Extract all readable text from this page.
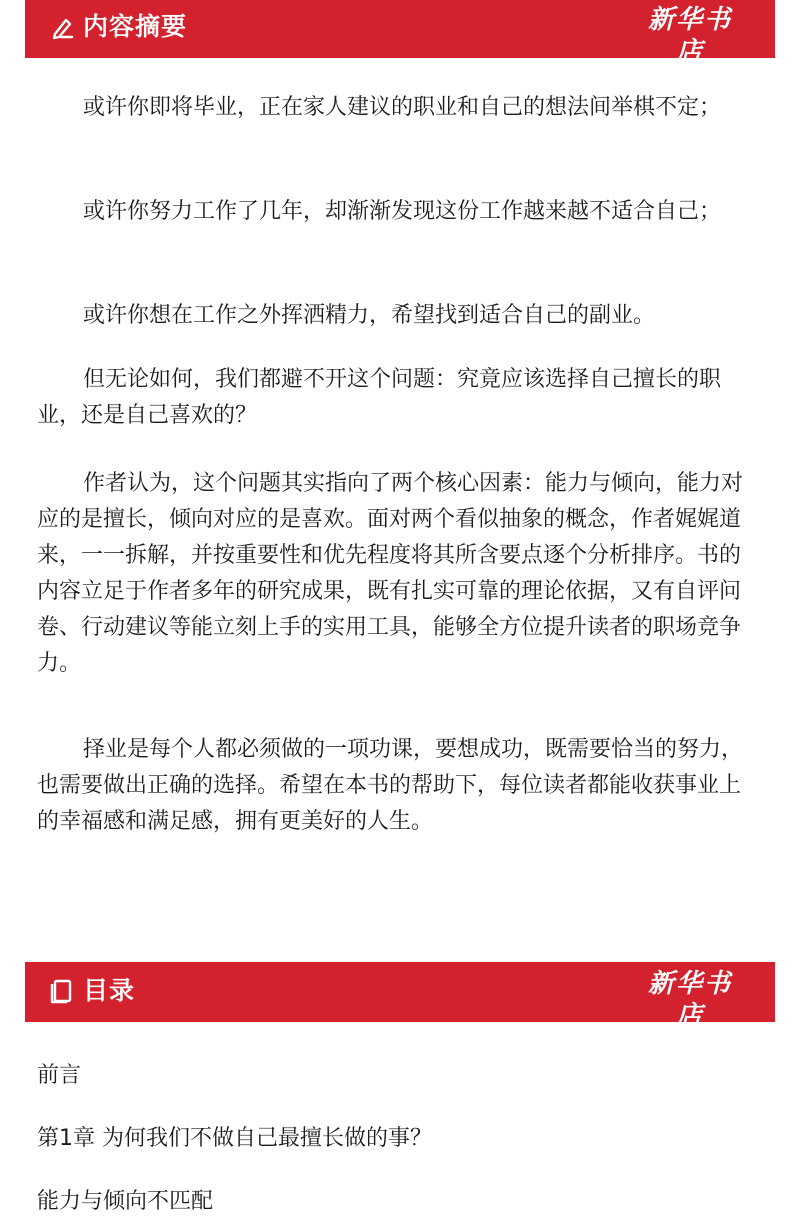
内容摘要	新华书店
XINHUA BOOKSTORE

或许你即将毕业，正在家人建议的职业和自己的想法间举棋不定；

或许你努力工作了几年，却渐渐发现这份工作越来越不适合自己；

或许你想在工作之外挥洒精力，希望找到适合自己的副业。

但无论如何，我们都避不开这个问题：究竟应该选择自己擅长的职业，还是自己喜欢的？

作者认为，这个问题其实指向了两个核心因素：能力与倾向，能力对应的是擅长，倾向对应的是喜欢。面对两个看似抽象的概念，作者娓娓道来，一一拆解，并按重要性和优先程度将其所含要点逐个分析排序。书的内容立足于作者多年的研究成果，既有扎实可靠的理论依据，又有自评问卷、行动建议等能立刻上手的实用工具，能够全方位提升读者的职场竞争力。

择业是每个人都必须做的一项功课，要想成功，既需要恰当的努力，也需要做出正确的选择。希望在本书的帮助下，每位读者都能收获事业上的幸福感和满足感，拥有更美好的人生。

目录	新华书店
XINHUA BOOKSTORE
前言
第1章 为何我们不做自己最擅长做的事？
能力与倾向不匹配
